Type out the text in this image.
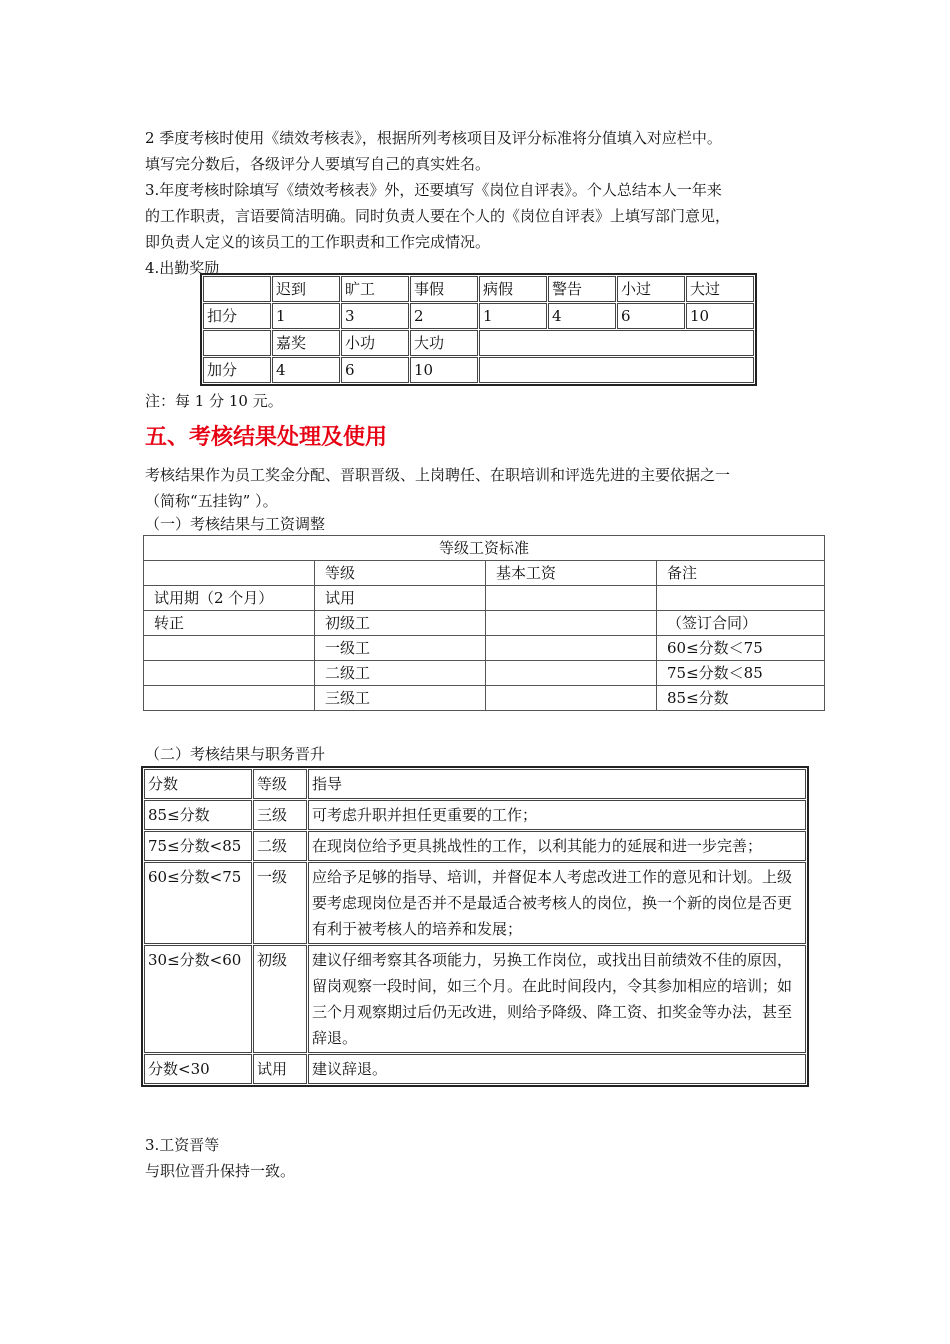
2 季度考核时使用《绩效考核表》，根据所列考核项目及评分标准将分值填入对应栏中。
填写完分数后，各级评分人要填写自己的真实姓名。
3.年度考核时除填写《绩效考核表》外，还要填写《岗位自评表》。个人总结本人一年来
的工作职责，言语要简洁明确。同时负责人要在个人的《岗位自评表》上填写部门意见，
即负责人定义的该员工的工作职责和工作完成情况。
4.出勤奖励
	迟到	旷工	事假	病假	警告	小过	大过
扣分	1	3	2	1	4	6	10
	嘉奖	小功	大功				
加分	4	6	10				
注：每 1 分 10 元。
五、考核结果处理及使用
考核结果作为员工奖金分配、晋职晋级、上岗聘任、在职培训和评选先进的主要依据之一
（简称“五挂钩” ）。
（一）考核结果与工资调整
等级工资标准			
	等级	基本工资	备注
试用期（2 个月）	试用		
转正	初级工		（签订合同）
	一级工		60≤分数＜75
	二级工		75≤分数＜85
	三级工		85≤分数
（二）考核结果与职务晋升
分数	等级	指导
85≤分数	三级	可考虑升职并担任更重要的工作；
75≤分数<85	二级	在现岗位给予更具挑战性的工作，以利其能力的延展和进一步完善；
60≤分数<75	一级	应给予足够的指导、培训，并督促本人考虑改进工作的意见和计划。上级要考虑现岗位是否并不是最适合被考核人的岗位，换一个新的岗位是否更有利于被考核人的培养和发展；
30≤分数<60	初级	建议仔细考察其各项能力，另换工作岗位，或找出目前绩效不佳的原因，留岗观察一段时间，如三个月。在此时间段内，令其参加相应的培训；如三个月观察期过后仍无改进，则给予降级、降工资、扣奖金等办法，甚至辞退。
分数<30	试用	建议辞退。
3.工资晋等
与职位晋升保持一致。
